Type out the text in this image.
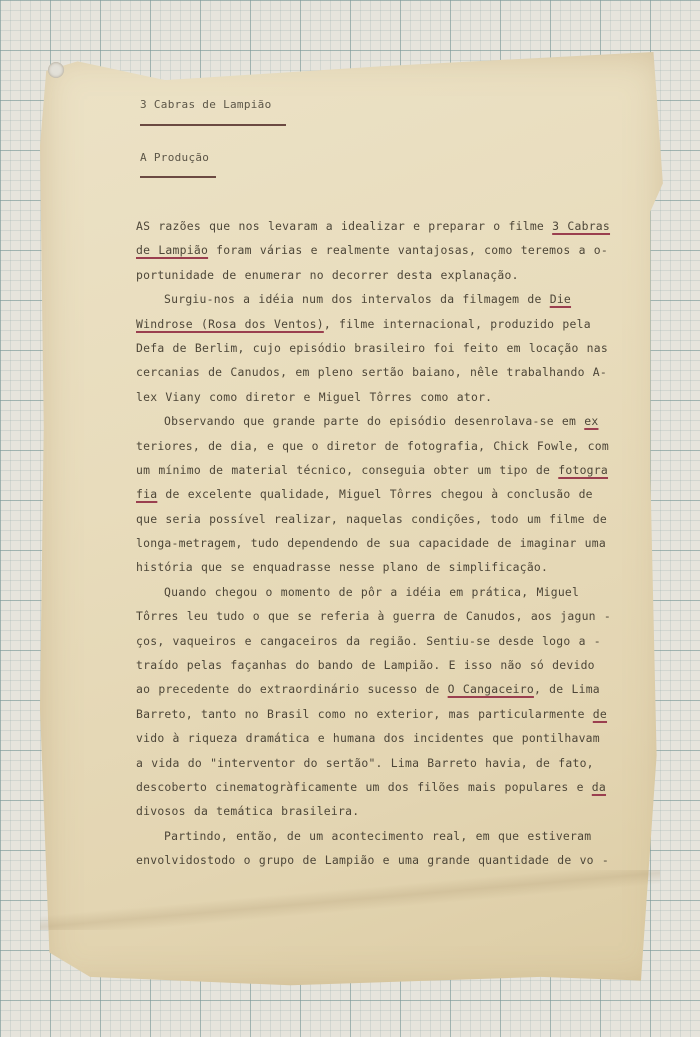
3 Cabras de Lampião
A Produção
AS razões que nos levaram a idealizar e preparar o filme 3 Cabras
de Lampião foram várias e realmente vantajosas, como teremos a o-
portunidade de enumerar no decorrer desta explanação.
Surgiu-nos a idéia num dos intervalos da filmagem de Die
Windrose (Rosa dos Ventos), filme internacional, produzido pela
Defa de Berlim, cujo episódio brasileiro foi feito em locação nas
cercanias de Canudos, em pleno sertão baiano, nêle trabalhando A-
lex Viany como diretor e Miguel Tôrres como ator.
Observando que grande parte do episódio desenrolava-se em ex
teriores, de dia, e que o diretor de fotografia, Chick Fowle, com
um mínimo de material técnico, conseguia obter um tipo de fotogra
fia de excelente qualidade, Miguel Tôrres chegou à conclusão de
que seria possível realizar, naquelas condições, todo um filme de
longa-metragem, tudo dependendo de sua capacidade de imaginar uma
história que se enquadrasse nesse plano de simplificação.
Quando chegou o momento de pôr a idéia em prática, Miguel
Tôrres leu tudo o que se referia à guerra de Canudos, aos jagun -
ços, vaqueiros e cangaceiros da região. Sentiu-se desde logo a -
traído pelas façanhas do bando de Lampião. E isso não só devido
ao precedente do extraordinário sucesso de O Cangaceiro, de Lima
Barreto, tanto no Brasil como no exterior, mas particularmente de
vido à riqueza dramática e humana dos incidentes que pontilhavam
a vida do "interventor do sertão". Lima Barreto havia, de fato,
descoberto cinematogràficamente um dos filões mais populares e da
divosos da temática brasileira.
Partindo, então, de um acontecimento real, em que estiveram
envolvidostodo o grupo de Lampião e uma grande quantidade de vo -
